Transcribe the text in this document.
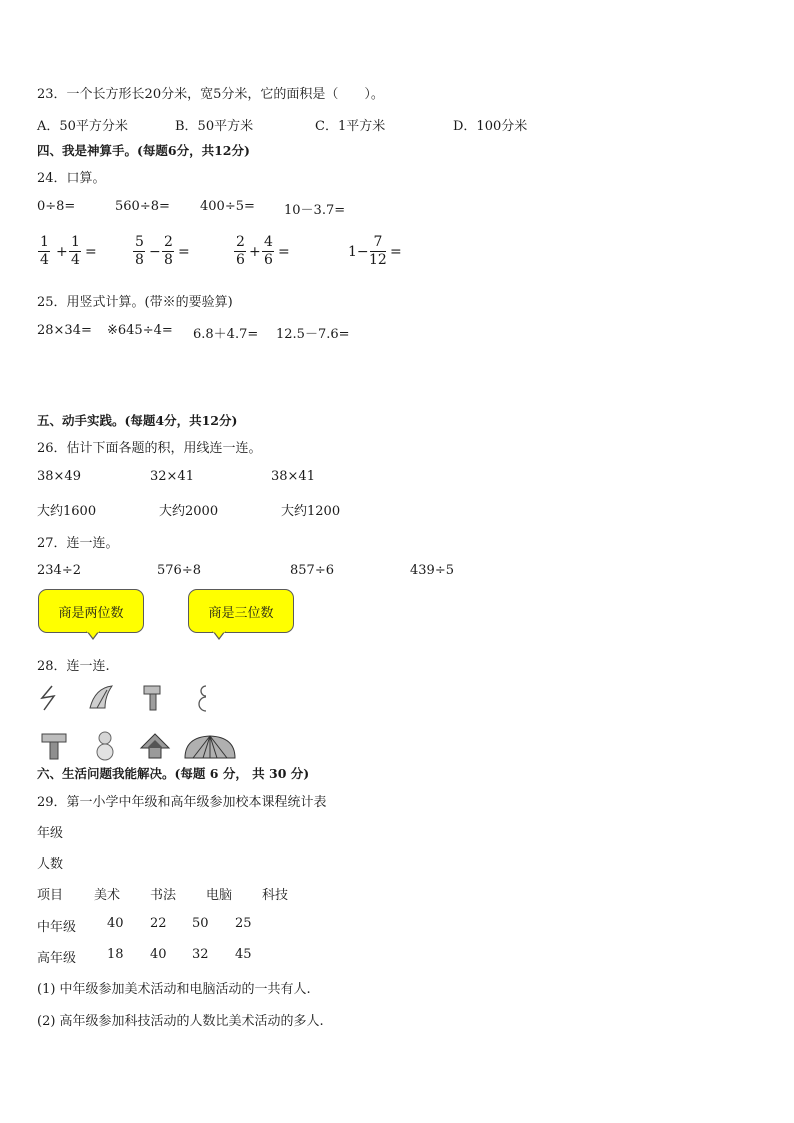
23．一个长方形长20分米，宽5分米，它的面积是（　　）。
A．50平方分米	B．50平方米	C．1平方米	D．100分米
四、我是神算手。(每题6分，共12分)
24．口算。
0÷8=	560÷8= 400÷5= 10－3.7=
1
4 +
1
4 =
5
8 −
2
8 =
2
6 +
4
6 =	1−
7
12 =
25．用竖式计算。(带※的要验算)
28×34= ※645÷4= 6.8＋4.7= 12.5－7.6=
五、动手实践。(每题4分，共12分)
26．估计下面各题的积，用线连一连。
38×49	32×41	38×41
大约1600	大约2000	大约1200
27．连一连。
234÷2	576÷8	857÷6	439÷5
商是两位数	商是三位数
28．连一连.
六、生活问题我能解决。(每题 6 分， 共 30 分)
29．第一小学中年级和高年级参加校本课程统计表
年级
人数
项目 美术 书法 电脑 科技
中年级 40 22 50 25
高年级 18 40 32 45
(1) 中年级参加美术活动和电脑活动的一共有人.
(2) 高年级参加科技活动的人数比美术活动的多人.
